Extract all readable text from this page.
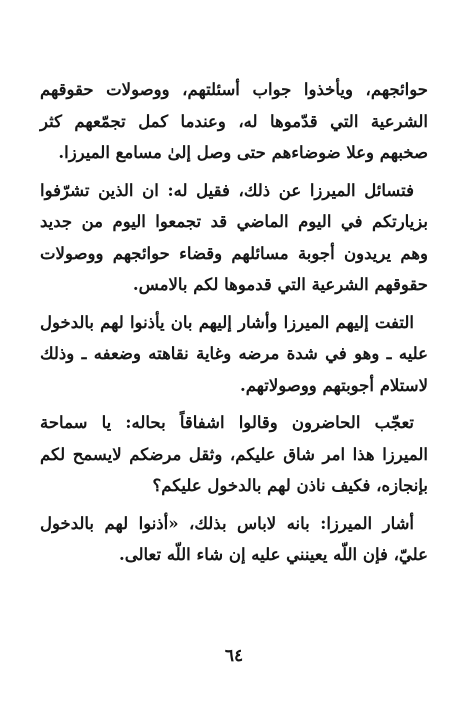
حوائجهم، ويأخذوا جواب أسئلتهم، ووصولات حقوقهم الشرعية التي قدّموها له، وعندما كمل تجمّعهم كثر صخبهم وعلا ضوضاءهم حتى وصل إلىٰ مسامع الميرزا.

فتسائل الميرزا عن ذلك، فقيل له: ان الذين تشرّفوا بزيارتكم في اليوم الماضي قد تجمعوا اليوم من جديد وهم يريدون أجوبة مسائلهم وقضاء حوائجهم ووصولات حقوقهم الشرعية التي قدموها لكم بالامس.

التفت إليهم الميرزا وأشار إليهم بان يأذنوا لهم بالدخول عليه ـ وهو في شدة مرضه وغاية نقاهته وضعفه ـ وذلك لاستلام أجوبتهم ووصولاتهم.

تعجّب الحاضرون وقالوا اشفاقاً بحاله: يا سماحة الميرزا هذا امر شاق عليكم، وثقل مرضكم لايسمح لكم بإنجازه، فكيف ناذن لهم بالدخول عليكم؟

أشار الميرزا: بانه لاباس بذلك، «أذنوا لهم بالدخول عليّ، فإن اللّه يعينني عليه إن شاء اللّه تعالى.

٦٤
